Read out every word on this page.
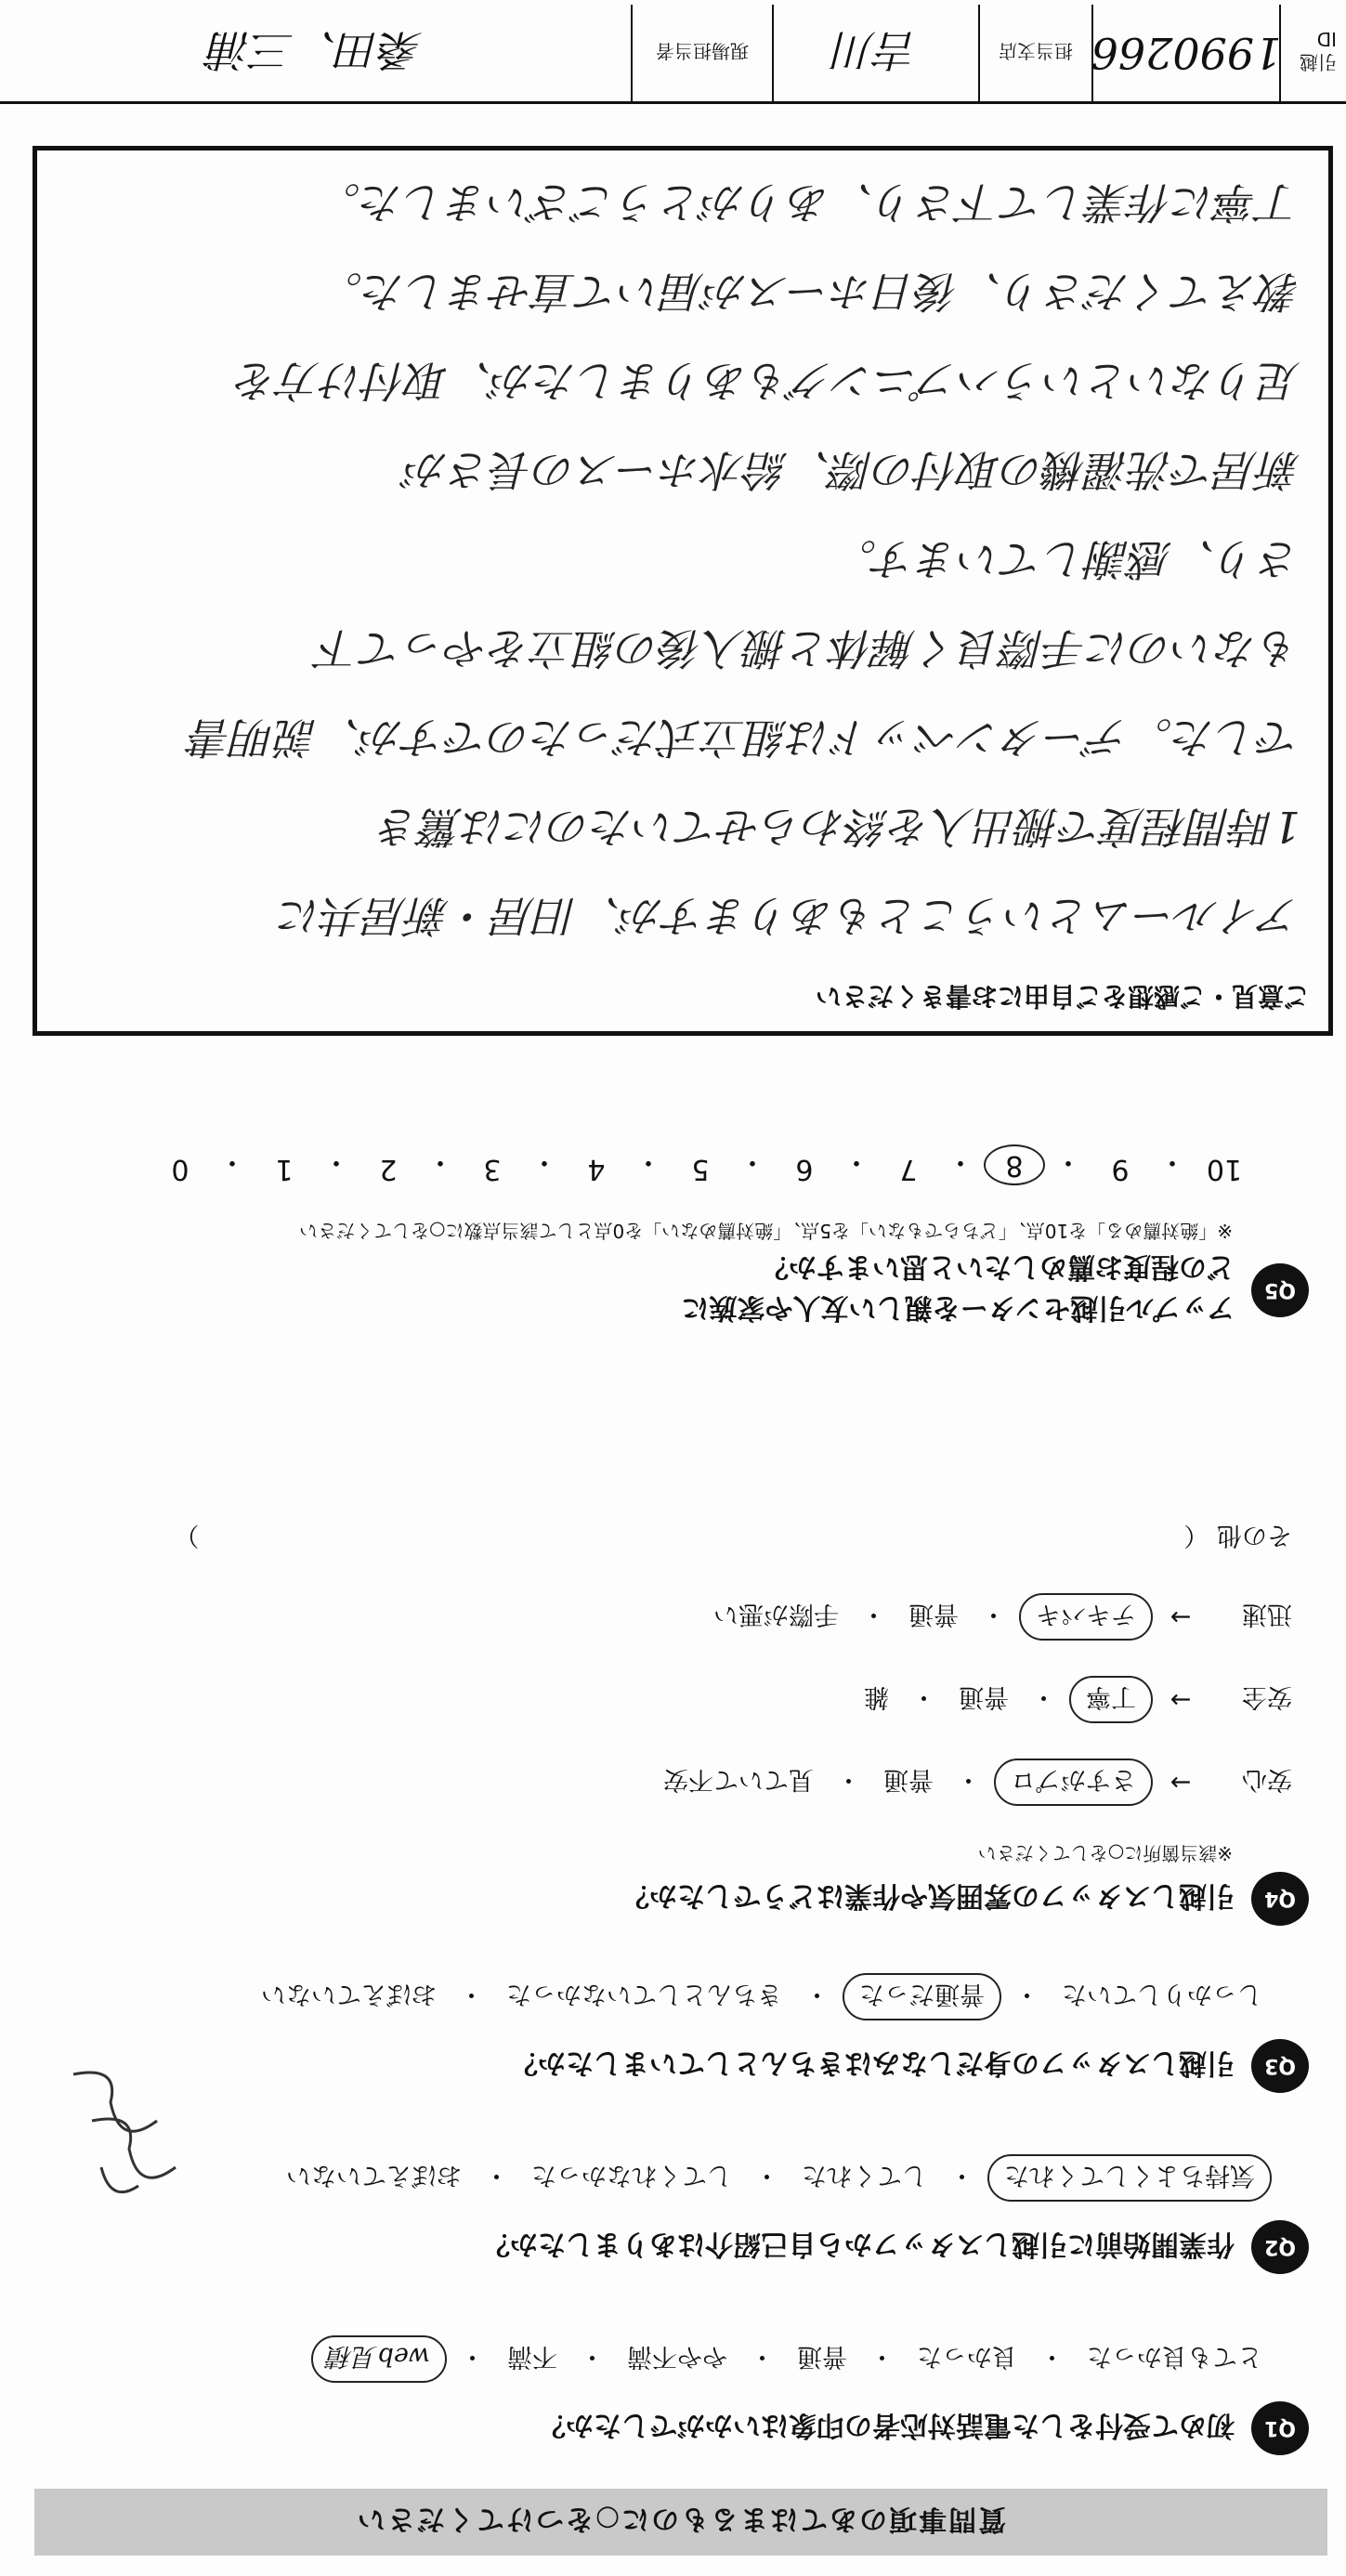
質問事項のあてはまるものに○をつけてください
Q1
初めて受付をした電話対応者の印象はいかがでしたか？
とても良かった
・
良かった
・
普通
・
やや不満
・
不満
・
web見積
Q2
作業開始前に引越しスタッフから自己紹介はありましたか？
気持ちよくしてくれた
・
してくれた
・
してくれなかった
・
おぼえていない
Q3
引越しスタッフの身だしなみはきちんとしていましたか？
しっかりしていた
・
普通だった
・
きちんとしていなかった
・
おぼえていない
Q4
引越しスタッフの雰囲気や作業はどうでしたか？
※該当箇所に○をしてください
安心
→
さすがプロ
・
普通
・
見ていて不安
安全
→
丁寧
・
普通
・
雑
迅速
→
テキパキ
・
普通
・
手際が悪い
その他 （）
Q5
アップル引越センターを親しい友人や家族に
どの程度お薦めしたいと思いますか？
※「絶対薦める」を10点、「どちらでもない」を5点、「絶対薦めない」を0点として該当点数に○をしてください
10
・
9
・
8
・
7
・
6
・
5
・
4
・
3
・
2
・
1
・
0
ご意見・ご感想をご自由にお書きください
アイルームということもありますが、旧居・新居共に
1時間程度で搬出入を終わらせていたのには驚き
でした。データンベッドは組立式だったのですが、説明書
もないのに手際良く解体と搬入後の組立をやって下
さり、感謝しています。
新居で洗濯機の取付の際、給水ホースの長さが
足りないというハプニングもありましたが、取付け方を
教えてくださり、後日ホースが届いて直せました。
丁寧に作業して下さり、ありがとうございました。
引越ID
1990266
担当支店
吉川
現場担当者
桑田、三浦
